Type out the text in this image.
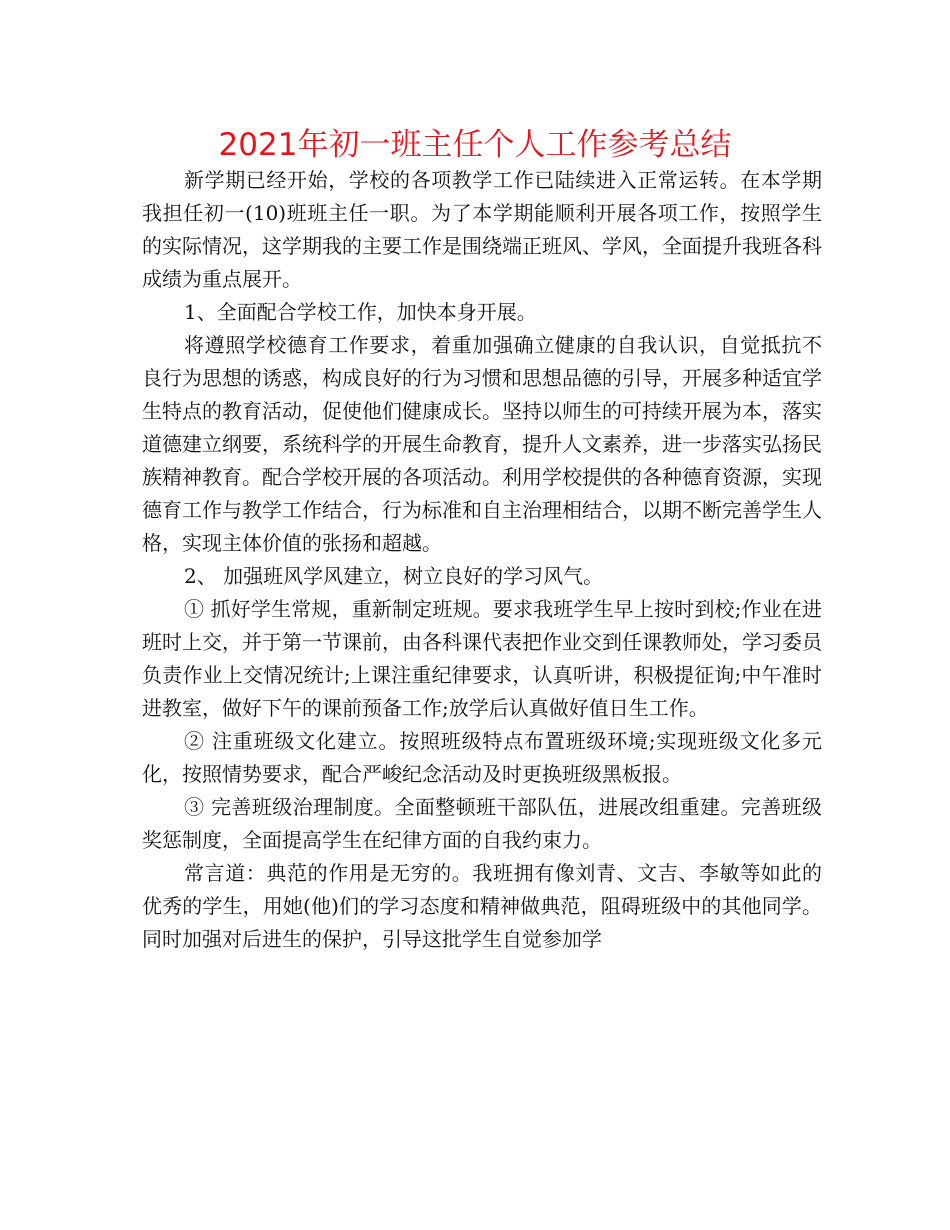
2021年初一班主任个人工作参考总结

新学期已经开始，学校的各项教学工作已陆续进入正常运转。在本学期我担任初一(10)班班主任一职。为了本学期能顺利开展各项工作，按照学生的实际情况，这学期我的主要工作是围绕端正班风、学风，全面提升我班各科成绩为重点展开。

1、全面配合学校工作，加快本身开展。

将遵照学校德育工作要求，着重加强确立健康的自我认识，自觉抵抗不良行为思想的诱惑，构成良好的行为习惯和思想品德的引导，开展多种适宜学生特点的教育活动，促使他们健康成长。坚持以师生的可持续开展为本，落实道德建立纲要，系统科学的开展生命教育，提升人文素养，进一步落实弘扬民族精神教育。配合学校开展的各项活动。利用学校提供的各种德育资源，实现德育工作与教学工作结合，行为标准和自主治理相结合，以期不断完善学生人格，实现主体价值的张扬和超越。

2、 加强班风学风建立，树立良好的学习风气。

① 抓好学生常规，重新制定班规。要求我班学生早上按时到校;作业在进班时上交，并于第一节课前，由各科课代表把作业交到任课教师处，学习委员负责作业上交情况统计;上课注重纪律要求，认真听讲，积极提征询;中午准时进教室，做好下午的课前预备工作;放学后认真做好值日生工作。

② 注重班级文化建立。按照班级特点布置班级环境;实现班级文化多元化，按照情势要求，配合严峻纪念活动及时更换班级黑板报。

③ 完善班级治理制度。全面整顿班干部队伍，进展改组重建。完善班级奖惩制度，全面提高学生在纪律方面的自我约束力。

常言道：典范的作用是无穷的。我班拥有像刘青、文吉、李敏等如此的优秀的学生，用她(他)们的学习态度和精神做典范，阻碍班级中的其他同学。同时加强对后进生的保护，引导这批学生自觉参加学
